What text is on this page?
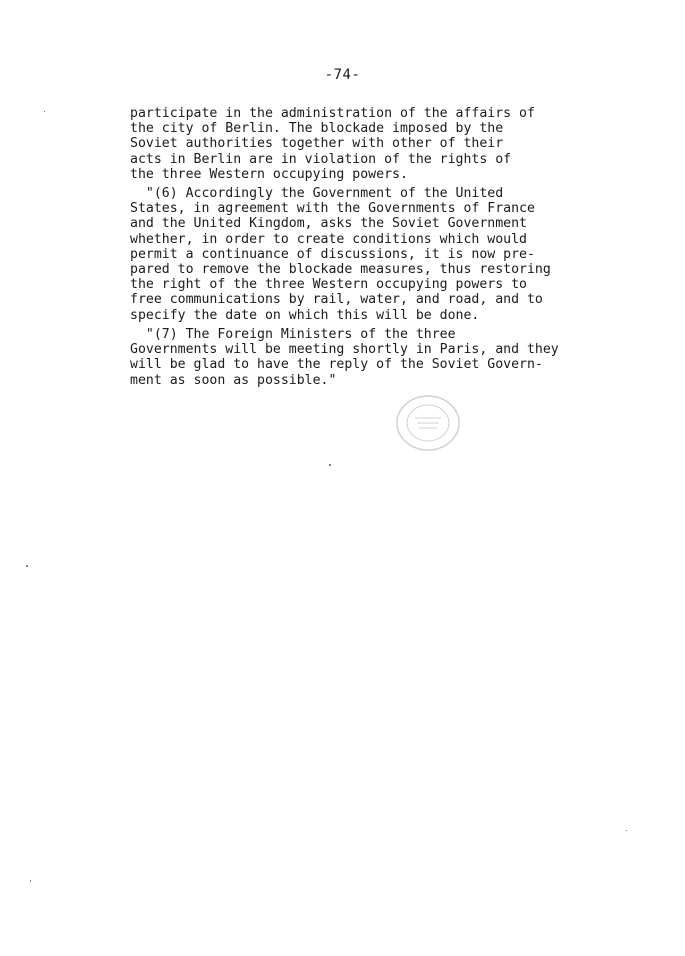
-74-
participate in the administration of the affairs of
the city of Berlin. The blockade imposed by the
Soviet authorities together with other of their
acts in Berlin are in violation of the rights of
the three Western occupying powers.
"(6) Accordingly the Government of the United
States, in agreement with the Governments of France
and the United Kingdom, asks the Soviet Government
whether, in order to create conditions which would
permit a continuance of discussions, it is now pre-
pared to remove the blockade measures, thus restoring
the right of the three Western occupying powers to
free communications by rail, water, and road, and to
specify the date on which this will be done.
"(7) The Foreign Ministers of the three
Governments will be meeting shortly in Paris, and they
will be glad to have the reply of the Soviet Govern-
ment as soon as possible."
